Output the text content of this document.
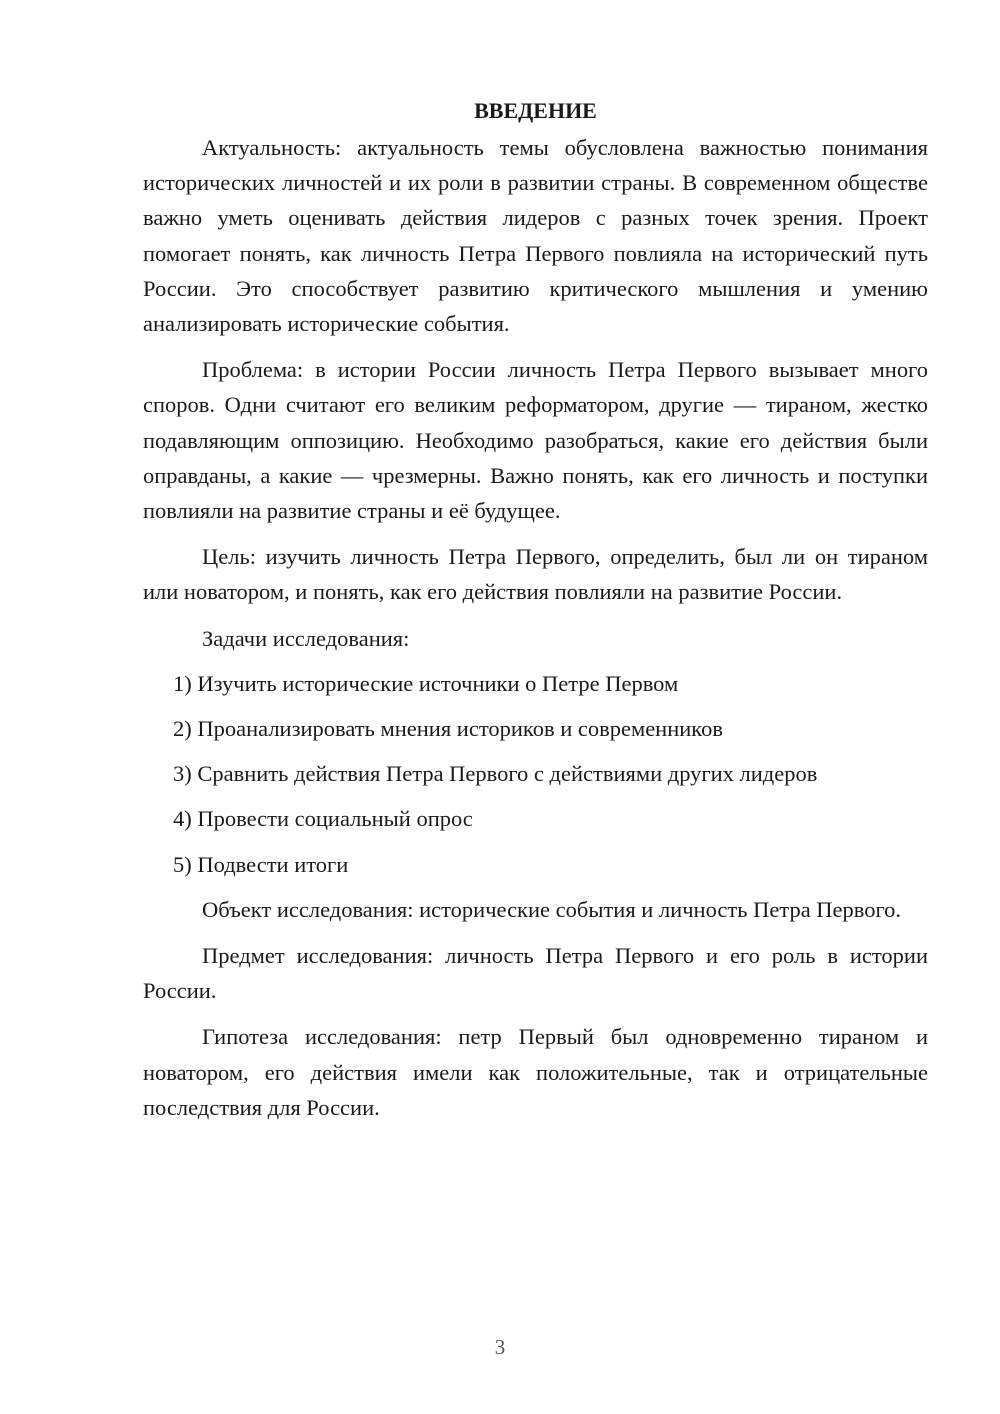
ВВЕДЕНИЕ

Актуальность: актуальность темы обусловлена важностью понимания исторических личностей и их роли в развитии страны. В современном обществе важно уметь оценивать действия лидеров с разных точек зрения. Проект помогает понять, как личность Петра Первого повлияла на исторический путь России. Это способствует развитию критического мышления и умению анализировать исторические события.

Проблема: в истории России личность Петра Первого вызывает много споров. Одни считают его великим реформатором, другие — тираном, жестко подавляющим оппозицию. Необходимо разобраться, какие его действия были оправданы, а какие — чрезмерны. Важно понять, как его личность и поступки повлияли на развитие страны и её будущее.

Цель: изучить личность Петра Первого, определить, был ли он тираном или новатором, и понять, как его действия повлияли на развитие России.

Задачи исследования:

1) Изучить исторические источники о Петре Первом
2) Проанализировать мнения историков и современников
3) Сравнить действия Петра Первого с действиями других лидеров
4) Провести социальный опрос
5) Подвести итоги

Объект исследования: исторические события и личность Петра Первого.

Предмет исследования: личность Петра Первого и его роль в истории России.

Гипотеза исследования: петр Первый был одновременно тираном и новатором, его действия имели как положительные, так и отрицательные последствия для России.

3
